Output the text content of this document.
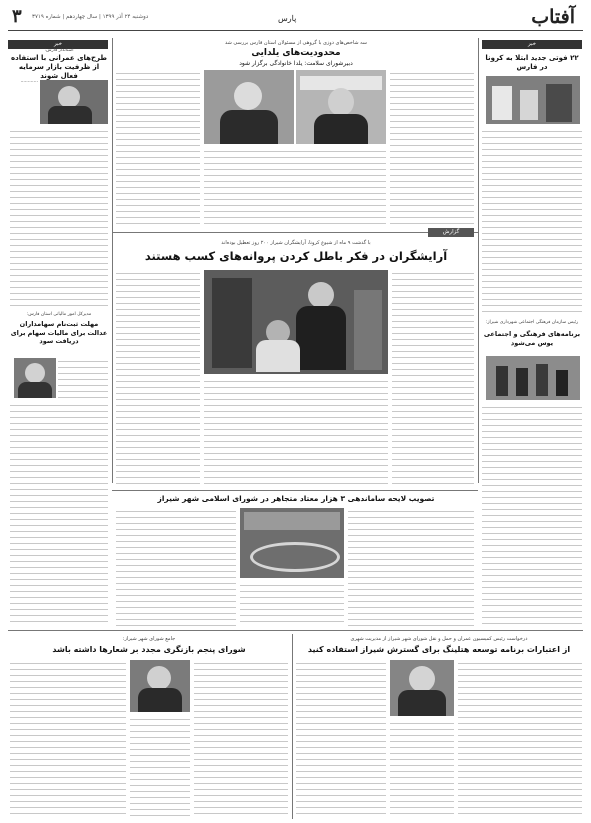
۳ دوشنبه ۲۴ آذر ۱۳۹۹ | سال چهاردهم | شماره ۳۷۱۹	پارس	آفتاب
خبر
طرح‌های عمرانی با استفاده از ظرفیت بازار سرمایه فعال شوند
استاندار فارس:
············
مدیرکل امور مالیاتی استان فارس:
مهلت ثبت‌نام سهامداران عدالت برای مالیات سهام برای دریافت سود
سه شاخص‌های دوزی با گروهی از مسئولان استان فارس بررسی شد
محدودیت‌های یلدایی
دبیرشورای سلامت: یلدا خانوادگی برگزار شود
خبر
۲۲ فوتی جدید ابتلا به کرونا در فارس
رئیس سازمان فرهنگی اجتماعی شهرداری شیراز:
برنامه‌های فرهنگی و اجتماعی یوس می‌شود
گزارش
با گذشت ۹ ماه از شیوع کرونا، آرایشگران شیراز ۲۰۰ روز تعطیل بوده‌اند
آرایشگران در فکر باطل کردن پروانه‌های کسب هستند
تصویب لایحه ساماندهی ۳ هزار معتاد متجاهر در شورای اسلامی شهر شیراز
جامع شورای شهر شیراز:
شورای پنجم بازنگری مجدد بر شعارها داشته باشد
درخواست رئیس کمیسیون عمران و حمل و نقل شورای شهر شیراز از مدیریت شهری
از اعتبارات برنامه توسعه هتلینگ برای گسترش شیراز استفاده کنید
